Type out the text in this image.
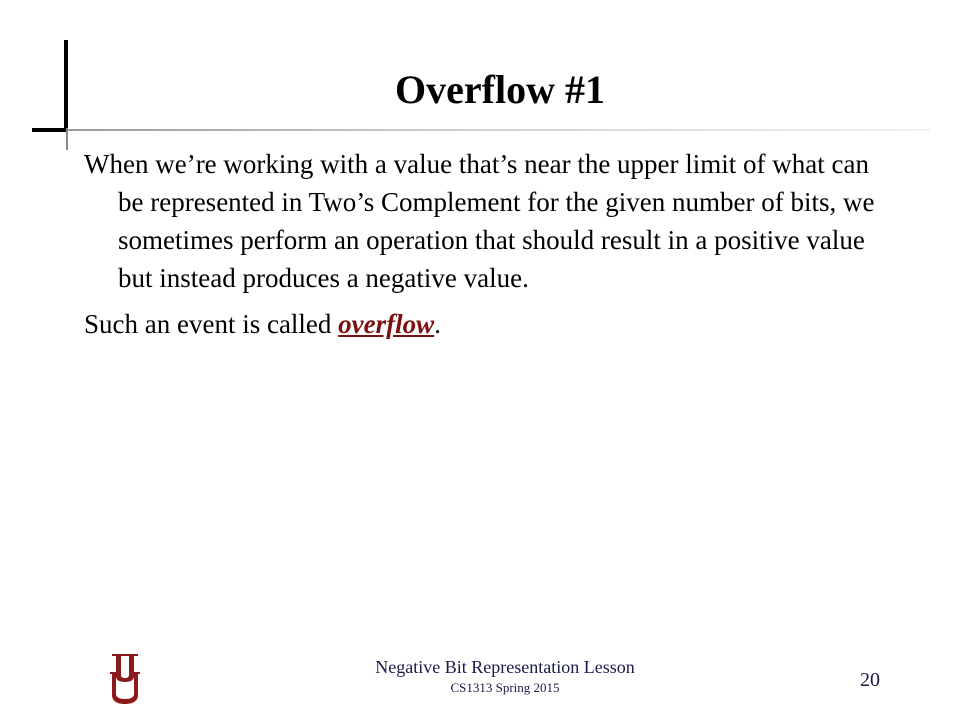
Overflow #1

When we’re working with a value that’s near the upper limit of what can be represented in Two’s Complement for the given number of bits, we sometimes perform an operation that should result in a positive value but instead produces a negative value.

Such an event is called overflow.

Negative Bit Representation Lesson
CS1313 Spring 2015	20
